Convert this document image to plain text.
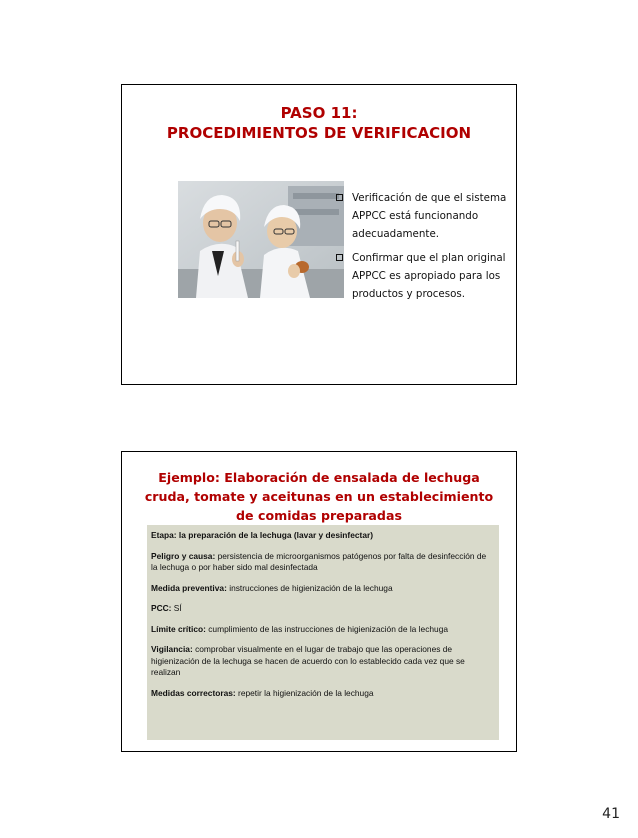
PASO 11:
PROCEDIMIENTOS DE VERIFICACION
Verificación de que el sistema APPCC está funcionando adecuadamente.
Confirmar que el plan original APPCC es apropiado para los productos y procesos.
Ejemplo: Elaboración de ensalada de lechuga
cruda, tomate y aceitunas en un establecimiento
de comidas preparadas

Etapa: la preparación de la lechuga (lavar y desinfectar)

Peligro y causa: persistencia de microorganismos patógenos por falta de desinfección de la lechuga o por haber sido mal desinfectada

Medida preventiva: instrucciones de higienización de la lechuga

PCC: SÍ

Límite crítico: cumplimiento de las instrucciones de higienización de la lechuga

Vigilancia: comprobar visualmente en el lugar de trabajo que las operaciones de higienización de la lechuga se hacen de acuerdo con lo establecido cada vez que se realizan

Medidas correctoras: repetir la higienización de la lechuga

41
